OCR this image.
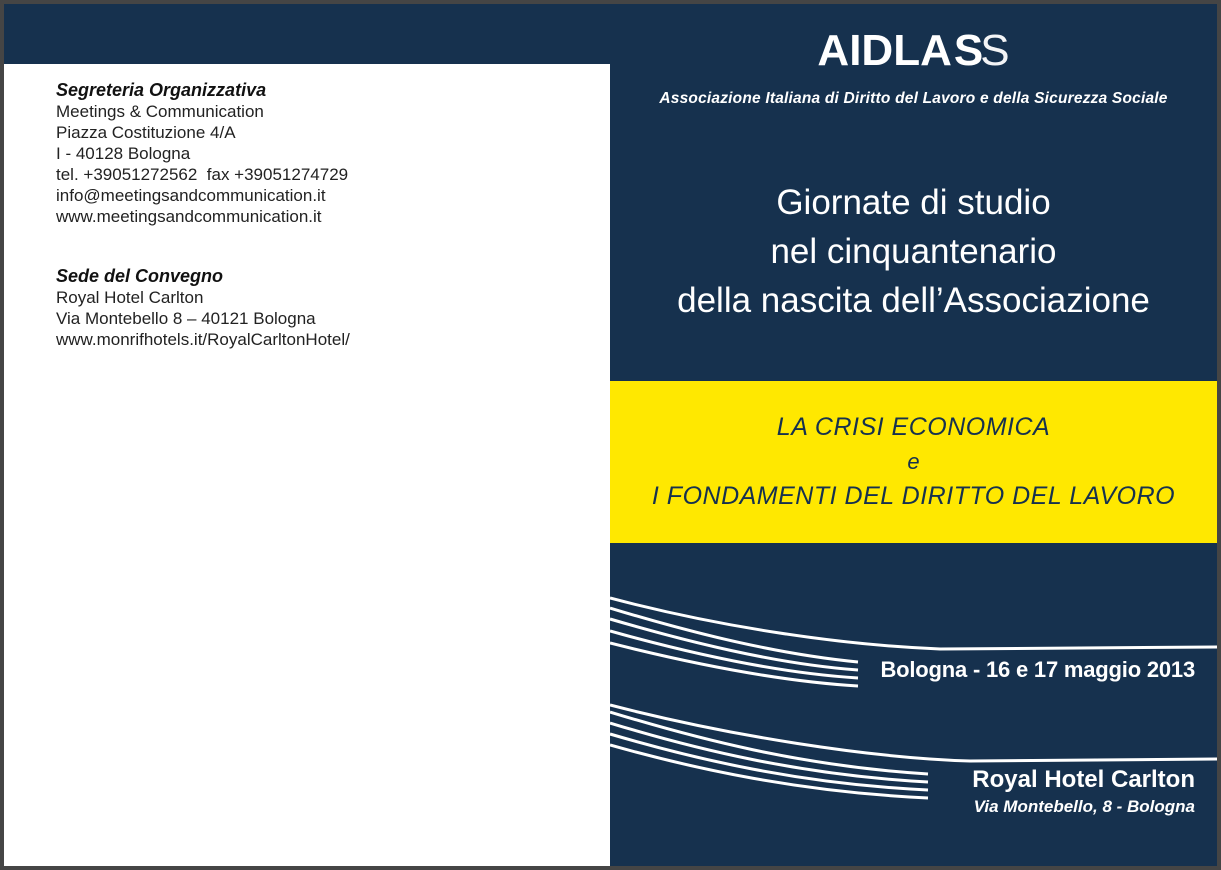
Segreteria Organizzativa
Meetings & Communication
Piazza Costituzione 4/A
I - 40128 Bologna
tel. +39051272562  fax +39051274729
info@meetingsandcommunication.it
www.meetingsandcommunication.it
Sede del Convegno
Royal Hotel Carlton
Via Montebello 8 – 40121 Bologna
www.monrifhotels.it/RoyalCarltonHotel/
AIDLASS
Associazione Italiana di Diritto del Lavoro e della Sicurezza Sociale
Giornate di studio
nel cinquantenario
della nascita dell’Associazione
LA CRISI ECONOMICA
e
I FONDAMENTI DEL DIRITTO DEL LAVORO
Bologna - 16 e 17 maggio 2013
Royal Hotel Carlton
Via Montebello, 8 - Bologna
